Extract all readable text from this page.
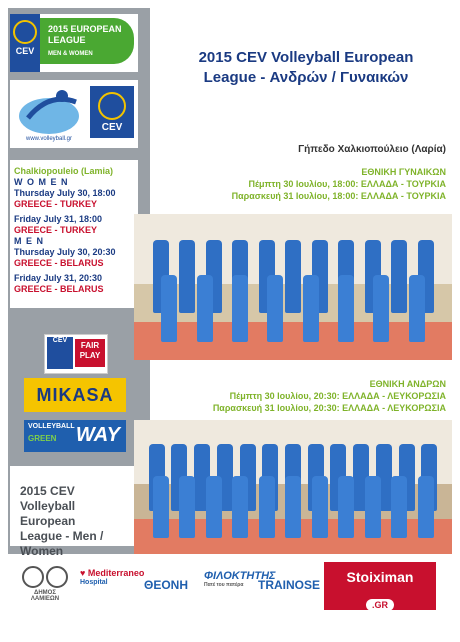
CEV
2015 EUROPEAN LEAGUE
MEN & WOMEN
www.volleyball.gr
CEV
Chalkiopouleio (Lamia)
W O M E N
Thursday July 30, 18:00
GREECE - TURKEY
Friday July 31, 18:00
GREECE - TURKEY
M E N
Thursday July 30, 20:30
GREECE - BELARUS
Friday July 31, 20:30
GREECE - BELARUS
CEV
FAIR PLAY
MIKASA
VOLLEYBALL
GREEN WAY
2015 CEV
Volleyball European
League - Men / Women
2015 CEV Volleyball European
League - Ανδρών / Γυναικών
Γήπεδο Χαλκιοπούλειο (Λαρία)
ΕΘΝΙΚΗ ΓΥΝΑΙΚΩΝ
Πέμπτη 30 Ιουλίου, 18:00: ΕΛΛΑΔΑ - ΤΟΥΡΚΙΑ
Παρασκευή 31 Ιουλίου, 18:00: ΕΛΛΑΔΑ - ΤΟΥΡΚΙΑ
ΕΘΝΙΚΗ ΑΝΔΡΩΝ
Πέμπτη 30 Ιουλίου, 20:30: ΕΛΛΑΔΑ - ΛΕΥΚΟΡΩΣΙΑ
Παρασκευή 31 Ιουλίου, 20:30: ΕΛΛΑΔΑ - ΛΕΥΚΟΡΩΣΙΑ
ΔΗΜΟΣ ΛΑΜΙΕΩΝ
♥ Mediterraneo
Hospital	ΘΕΟΝΗ
ΦΙΛΟΚΤΗΤΗΣ
Πατέ του πατέρα	TRAINOSE	Stoiximan
.GR
